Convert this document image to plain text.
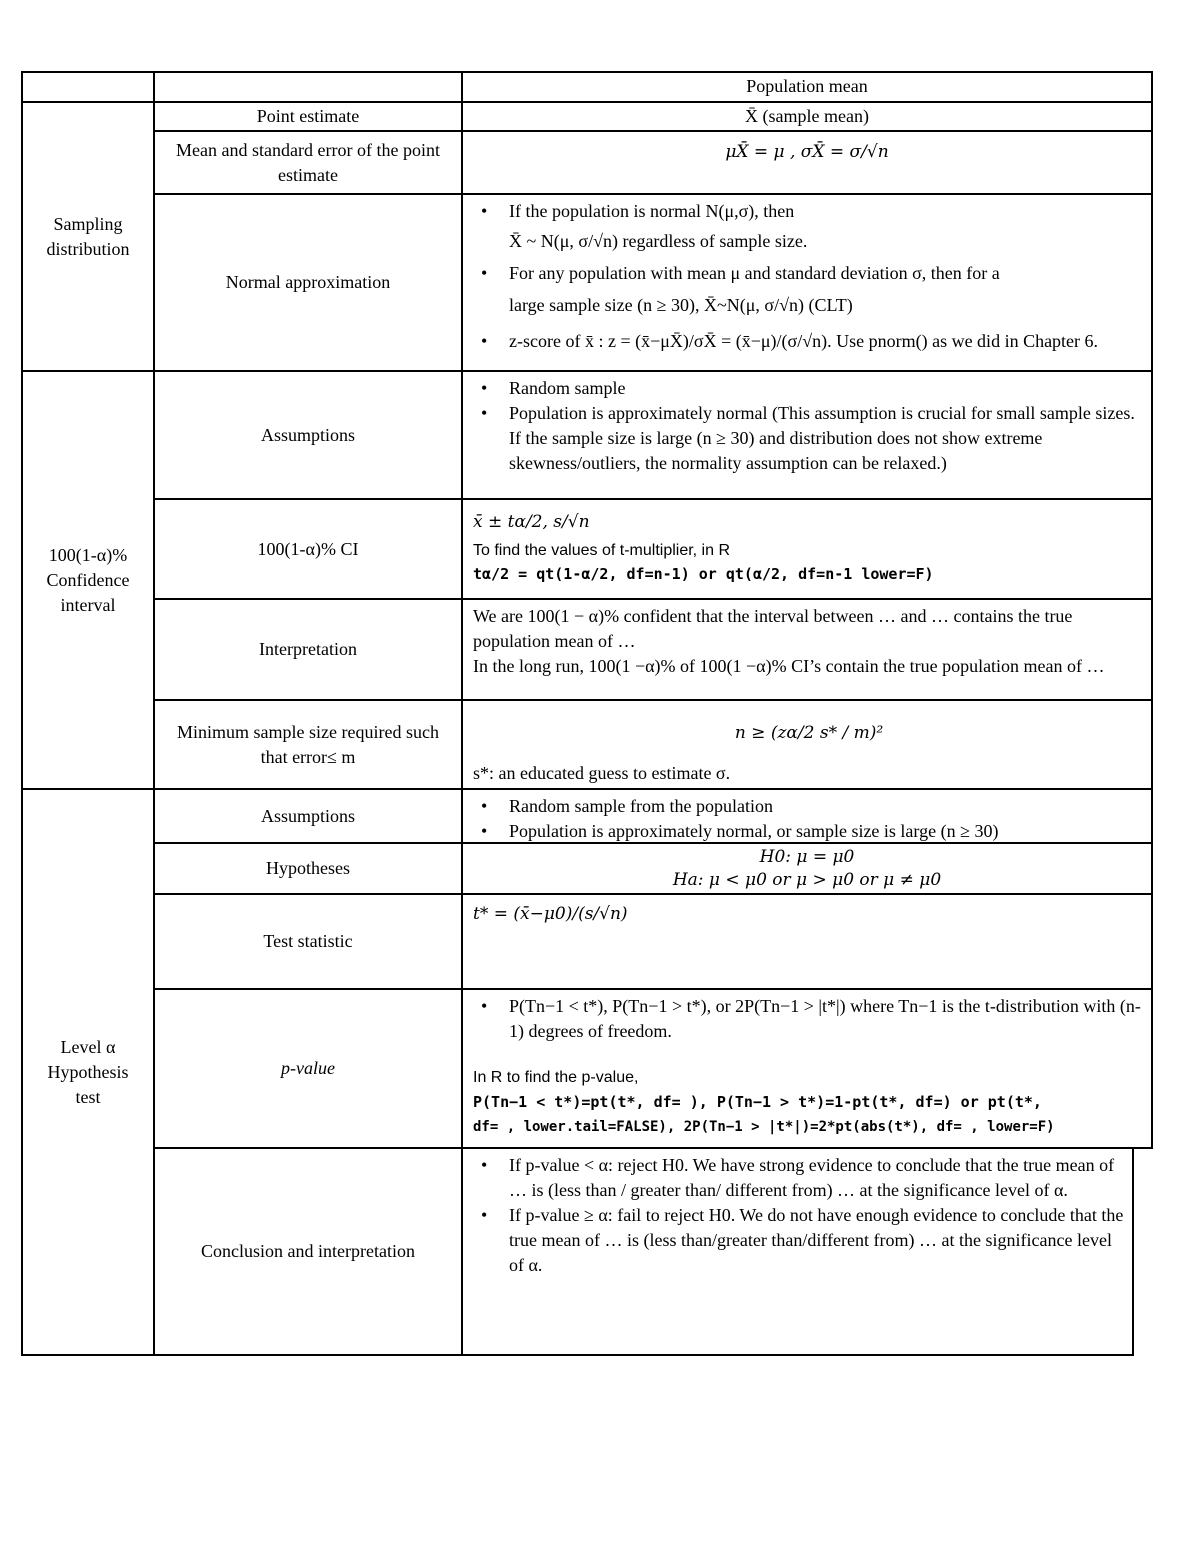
Population mean
Sampling distribution
100(1-α)% Confidence interval
Level α Hypothesis test
Point estimate	X̄ (sample mean)
Mean and standard error of the point estimate
μX̄ = μ , σX̄ = σ/√n
Normal approximation
• If the population is normal N(μ,σ), then
X̄ ~ N(μ, σ/√n) regardless of sample size.
• For any population with mean μ and standard deviation σ, then for a
large sample size (n ≥ 30), X̄~N(μ, σ/√n) (CLT)
• z-score of x̄ : z = (x̄−μX̄)/σX̄ = (x̄−μ)/(σ/√n). Use pnorm() as we did in Chapter 6.
Assumptions
• Random sample
• Population is approximately normal (This assumption is crucial for small sample sizes. If the sample size is large (n ≥ 30) and distribution does not show extreme skewness/outliers, the normality assumption can be relaxed.)
100(1-α)% CI
x̄ ± tα/2, s/√n
To find the values of t-multiplier, in R
tα/2 = qt(1-α/2, df=n-1) or qt(α/2, df=n-1 lower=F)
Interpretation
We are 100(1 − α)% confident that the interval between … and … contains the true population mean of …
In the long run, 100(1 −α)% of 100(1 −α)% CI’s contain the true population mean of …
Minimum sample size required such that error≤ m
n ≥ (zα/2 s* / m)²
s*: an educated guess to estimate σ.
Assumptions
•	Random sample from the population
• Population is approximately normal, or sample size is large (n ≥ 30)
Hypotheses
H0: μ = μ0
Ha: μ < μ0 or μ > μ0 or μ ≠ μ0
Test statistic
t* = (x̄−μ0)/(s/√n)
p-value
• P(Tn−1 < t*), P(Tn−1 > t*), or 2P(Tn−1 > |t*|) where Tn−1 is the t-distribution with (n-1) degrees of freedom.
In R to find the p-value,
P(Tn−1 < t*)=pt(t*, df= ), P(Tn−1 > t*)=1-pt(t*, df=) or pt(t*,
df= , lower.tail=FALSE), 2P(Tn−1 > |t*|)=2*pt(abs(t*), df= , lower=F)
Conclusion and interpretation
• If p-value < α: reject H0. We have strong evidence to conclude that the true mean of … is (less than / greater than/ different from) … at the significance level of α.
• If p-value ≥ α: fail to reject H0. We do not have enough evidence to conclude that the true mean of … is (less than/greater than/different from) … at the significance level of α.
